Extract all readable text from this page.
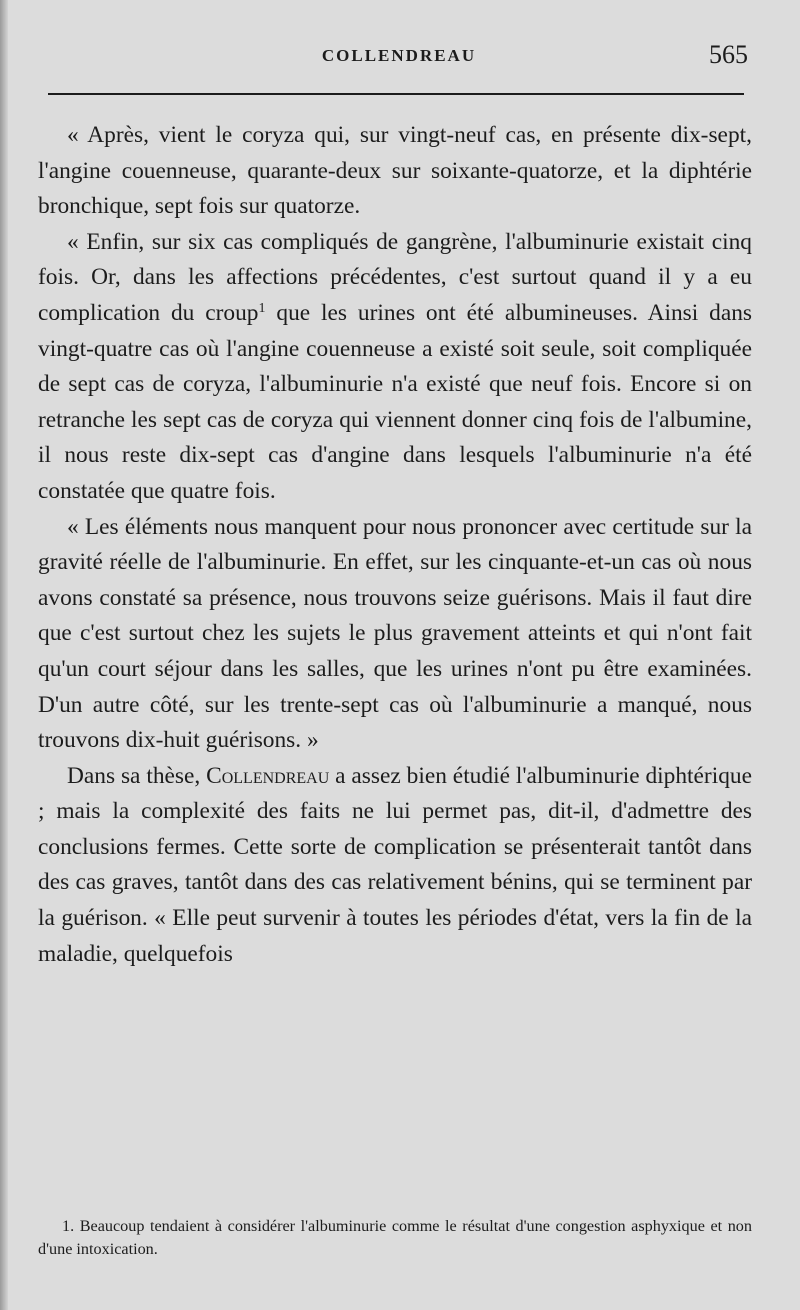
COLLENDREAU	565

« Après, vient le coryza qui, sur vingt-neuf cas, en présente dix-sept, l'angine couenneuse, quarante-deux sur soixante-quatorze, et la diphtérie bronchique, sept fois sur quatorze.

« Enfin, sur six cas compliqués de gangrène, l'albuminurie existait cinq fois. Or, dans les affections précédentes, c'est surtout quand il y a eu complication du croup$^1$ que les urines ont été albumineuses. Ainsi dans vingt-quatre cas où l'angine couenneuse a existé soit seule, soit compliquée de sept cas de coryza, l'albuminurie n'a existé que neuf fois. Encore si on retranche les sept cas de coryza qui viennent donner cinq fois de l'albumine, il nous reste dix-sept cas d'angine dans lesquels l'albuminurie n'a été constatée que quatre fois.

« Les éléments nous manquent pour nous prononcer avec certitude sur la gravité réelle de l'albuminurie. En effet, sur les cinquante-et-un cas où nous avons constaté sa présence, nous trouvons seize guérisons. Mais il faut dire que c'est surtout chez les sujets le plus gravement atteints et qui n'ont fait qu'un court séjour dans les salles, que les urines n'ont pu être examinées. D'un autre côté, sur les trente-sept cas où l'albuminurie a manqué, nous trouvons dix-huit guérisons. »

Dans sa thèse, Collendreau a assez bien étudié l'albuminurie diphtérique ; mais la complexité des faits ne lui permet pas, dit-il, d'admettre des conclusions fermes. Cette sorte de complication se présenterait tantôt dans des cas graves, tantôt dans des cas relativement bénins, qui se terminent par la guérison. « Elle peut survenir à toutes les périodes d'état, vers la fin de la maladie, quelquefois

1. Beaucoup tendaient à considérer l'albuminurie comme le résultat d'une congestion asphyxique et non d'une intoxication.
